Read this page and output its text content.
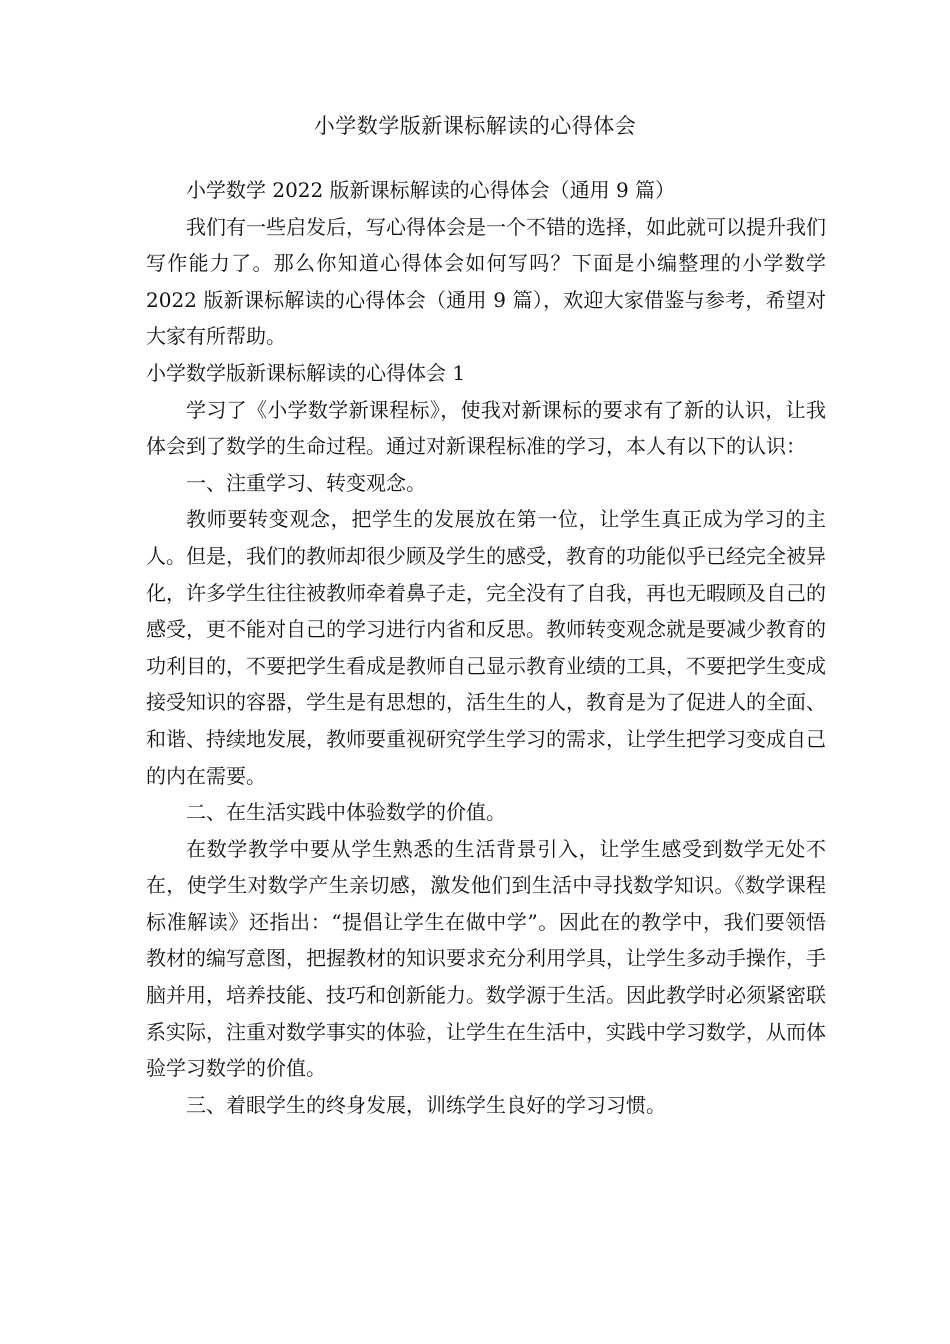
小学数学版新课标解读的心得体会

小学数学 2022 版新课标解读的心得体会（通用 9 篇）

我们有一些启发后，写心得体会是一个不错的选择，如此就可以提升我们写作能力了。那么你知道心得体会如何写吗？下面是小编整理的小学数学 2022 版新课标解读的心得体会（通用 9 篇），欢迎大家借鉴与参考，希望对大家有所帮助。

小学数学版新课标解读的心得体会 1

学习了《小学数学新课程标》，使我对新课标的要求有了新的认识，让我体会到了数学的生命过程。通过对新课程标准的学习，本人有以下的认识：

一、注重学习、转变观念。

教师要转变观念，把学生的发展放在第一位，让学生真正成为学习的主人。但是，我们的教师却很少顾及学生的感受，教育的功能似乎已经完全被异化，许多学生往往被教师牵着鼻子走，完全没有了自我，再也无暇顾及自己的感受，更不能对自己的学习进行内省和反思。教师转变观念就是要减少教育的功利目的，不要把学生看成是教师自己显示教育业绩的工具，不要把学生变成接受知识的容器，学生是有思想的，活生生的人，教育是为了促进人的全面、和谐、持续地发展，教师要重视研究学生学习的需求，让学生把学习变成自己的内在需要。

二、在生活实践中体验数学的价值。

在数学教学中要从学生熟悉的生活背景引入，让学生感受到数学无处不在，使学生对数学产生亲切感，激发他们到生活中寻找数学知识。《数学课程标准解读》还指出：“提倡让学生在做中学”。因此在的教学中，我们要领悟教材的编写意图，把握教材的知识要求充分利用学具，让学生多动手操作，手脑并用，培养技能、技巧和创新能力。数学源于生活。因此教学时必须紧密联系实际，注重对数学事实的体验，让学生在生活中，实践中学习数学，从而体验学习数学的价值。

三、着眼学生的终身发展，训练学生良好的学习习惯。
